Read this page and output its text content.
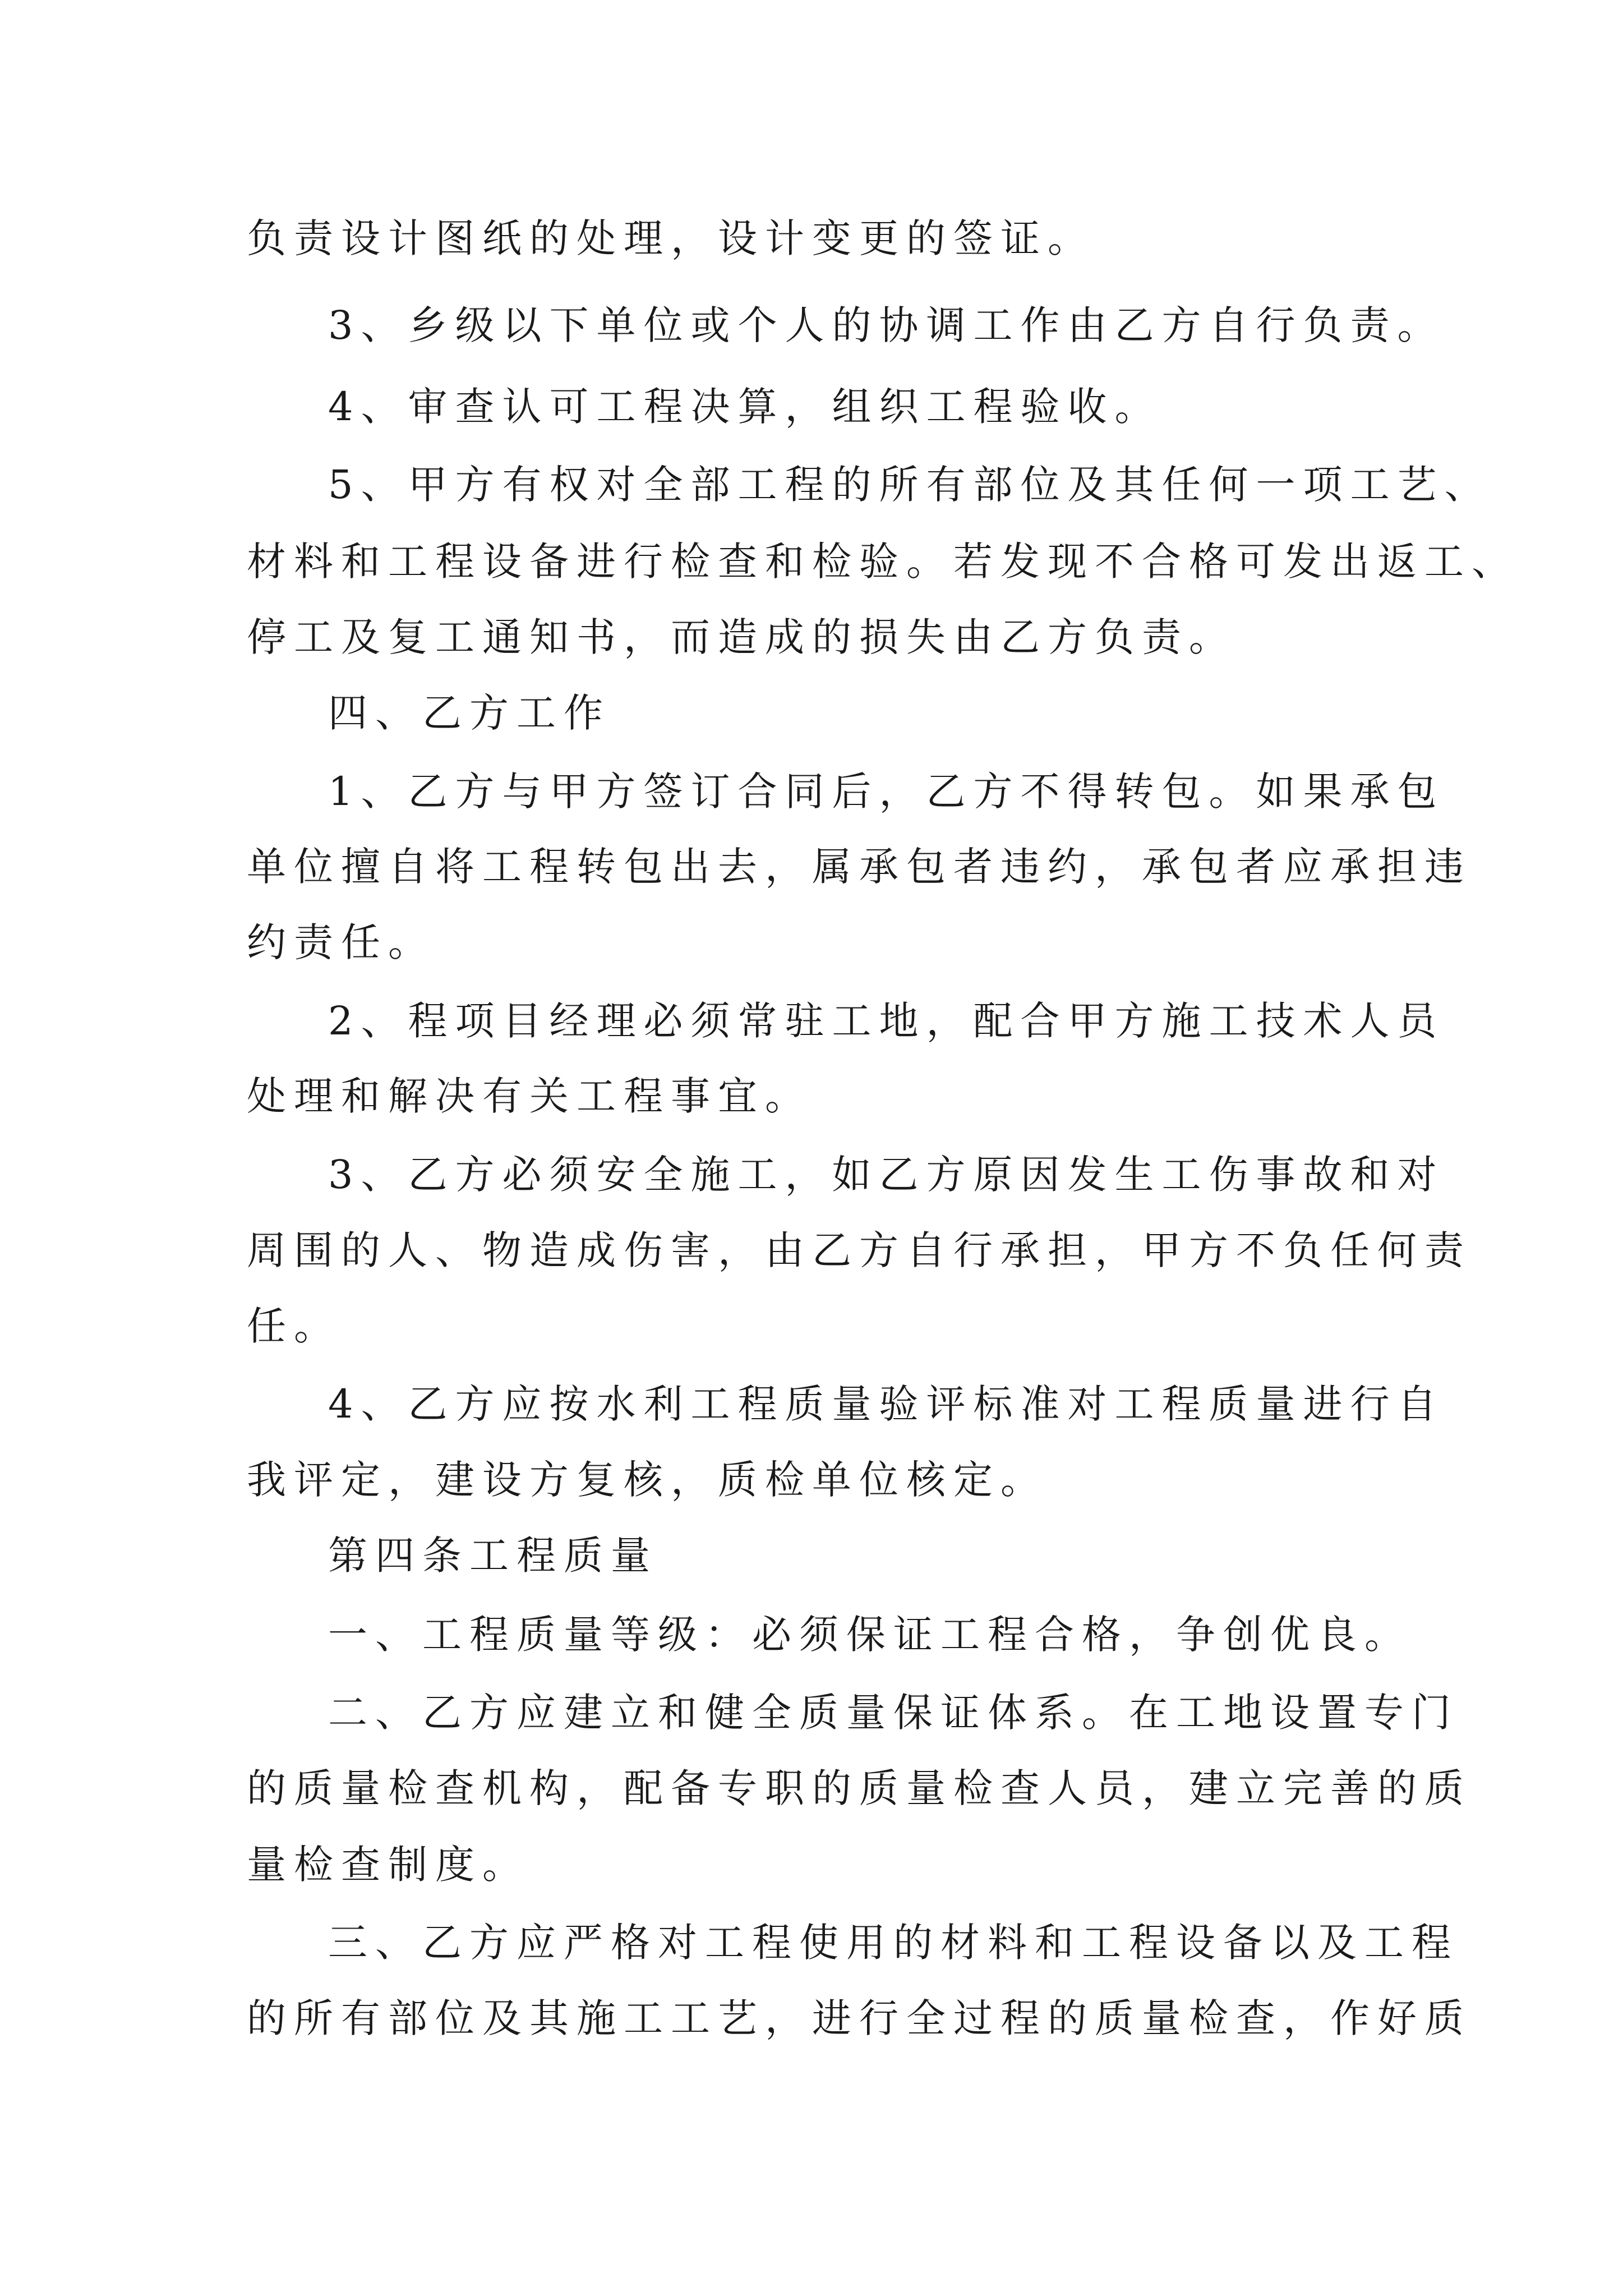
负责设计图纸的处理，设计变更的签证。

3、乡级以下单位或个人的协调工作由乙方自行负责。

4、审查认可工程决算，组织工程验收。

5、甲方有权对全部工程的所有部位及其任何一项工艺、

材料和工程设备进行检查和检验。若发现不合格可发出返工、

停工及复工通知书，而造成的损失由乙方负责。

四、乙方工作

1、乙方与甲方签订合同后，乙方不得转包。如果承包

单位擅自将工程转包出去，属承包者违约，承包者应承担违

约责任。

2、程项目经理必须常驻工地，配合甲方施工技术人员

处理和解决有关工程事宜。

3、乙方必须安全施工，如乙方原因发生工伤事故和对

周围的人、物造成伤害，由乙方自行承担，甲方不负任何责

任。

4、乙方应按水利工程质量验评标准对工程质量进行自

我评定，建设方复核，质检单位核定。

第四条工程质量

一、工程质量等级：必须保证工程合格，争创优良。

二、乙方应建立和健全质量保证体系。在工地设置专门

的质量检查机构，配备专职的质量检查人员，建立完善的质

量检查制度。

三、乙方应严格对工程使用的材料和工程设备以及工程

的所有部位及其施工工艺，进行全过程的质量检查，作好质
